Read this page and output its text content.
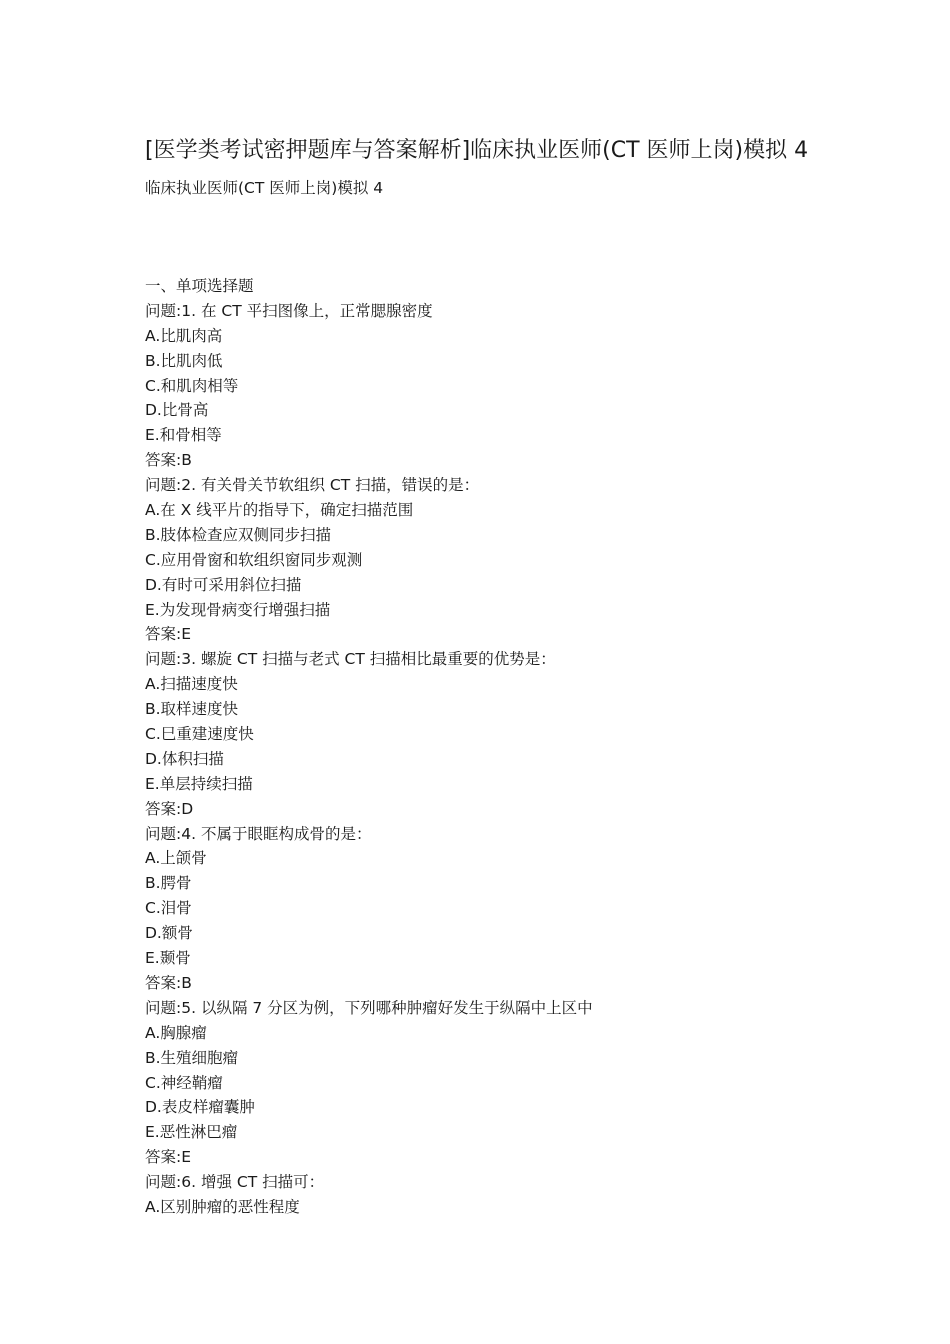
[医学类考试密押题库与答案解析]临床执业医师(CT 医师上岗)模拟 4
临床执业医师(CT 医师上岗)模拟 4
一、单项选择题
问题:1. 在 CT 平扫图像上，正常腮腺密度
A.比肌肉高
B.比肌肉低
C.和肌肉相等
D.比骨高
E.和骨相等
答案:B
问题:2. 有关骨关节软组织 CT 扫描，错误的是：
A.在 X 线平片的指导下，确定扫描范围
B.肢体检查应双侧同步扫描
C.应用骨窗和软组织窗同步观测
D.有时可采用斜位扫描
E.为发现骨病变行增强扫描
答案:E
问题:3. 螺旋 CT 扫描与老式 CT 扫描相比最重要的优势是：
A.扫描速度快
B.取样速度快
C.巳重建速度快
D.体积扫描
E.单层持续扫描
答案:D
问题:4. 不属于眼眶构成骨的是：
A.上颌骨
B.腭骨
C.泪骨
D.额骨
E.颞骨
答案:B
问题:5. 以纵隔 7 分区为例，下列哪种肿瘤好发生于纵隔中上区中
A.胸腺瘤
B.生殖细胞瘤
C.神经鞘瘤
D.表皮样瘤囊肿
E.恶性淋巴瘤
答案:E
问题:6. 增强 CT 扫描可：
A.区别肿瘤的恶性程度
